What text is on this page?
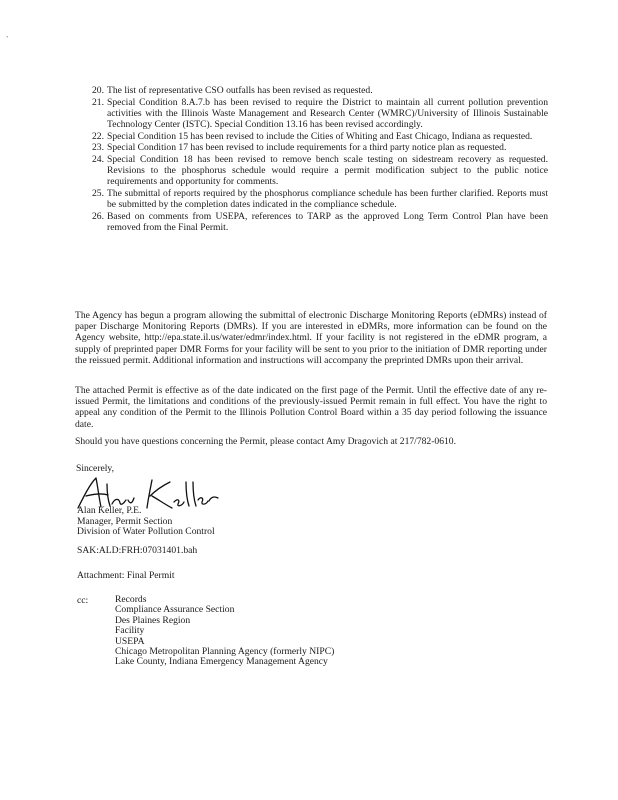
`
20. The list of representative CSO outfalls has been revised as requested.
21. Special Condition 8.A.7.b has been revised to require the District to maintain all current pollution prevention activities with the Illinois Waste Management and Research Center (WMRC)/University of Illinois Sustainable Technology Center (ISTC). Special Condition 13.16 has been revised accordingly.
22. Special Condition 15 has been revised to include the Cities of Whiting and East Chicago, Indiana as requested.
23. Special Condition 17 has been revised to include requirements for a third party notice plan as requested.
24. Special Condition 18 has been revised to remove bench scale testing on sidestream recovery as requested. Revisions to the phosphorus schedule would require a permit modification subject to the public notice requirements and opportunity for comments.
25. The submittal of reports required by the phosphorus compliance schedule has been further clarified. Reports must be submitted by the completion dates indicated in the compliance schedule.
26. Based on comments from USEPA, references to TARP as the approved Long Term Control Plan have been removed from the Final Permit.

The Agency has begun a program allowing the submittal of electronic Discharge Monitoring Reports (eDMRs) instead of paper Discharge Monitoring Reports (DMRs). If you are interested in eDMRs, more information can be found on the Agency website, http://epa.state.il.us/water/edmr/index.html. If your facility is not registered in the eDMR program, a supply of preprinted paper DMR Forms for your facility will be sent to you prior to the initiation of DMR reporting under the reissued permit. Additional information and instructions will accompany the preprinted DMRs upon their arrival.

The attached Permit is effective as of the date indicated on the first page of the Permit. Until the effective date of any re-issued Permit, the limitations and conditions of the previously-issued Permit remain in full effect. You have the right to appeal any condition of the Permit to the Illinois Pollution Control Board within a 35 day period following the issuance date.

Should you have questions concerning the Permit, please contact Amy Dragovich at 217/782-0610.

Sincerely,
Alan Keller, P.E.
Manager, Permit Section
Division of Water Pollution Control
SAK:ALD:FRH:07031401.bah
Attachment: Final Permit
cc:	Records
Compliance Assurance Section
Des Plaines Region
Facility
USEPA
Chicago Metropolitan Planning Agency (formerly NIPC)
Lake County, Indiana Emergency Management Agency
